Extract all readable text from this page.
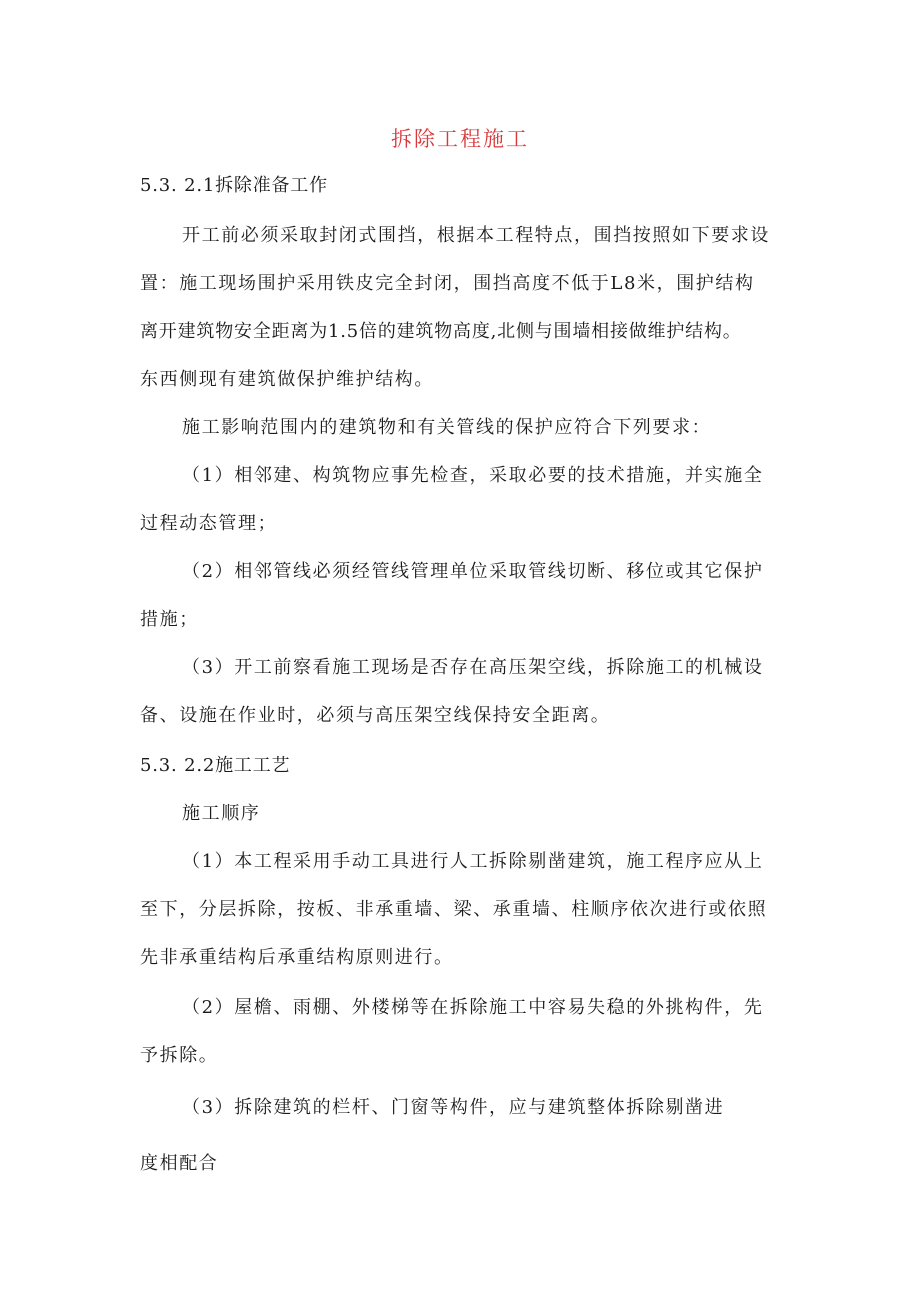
拆除工程施工
5.3. 2.1拆除准备工作
开工前必须采取封闭式围挡，根据本工程特点，围挡按照如下要求设
置：施工现场围护采用铁皮完全封闭，围挡高度不低于L8米，围护结构
离开建筑物安全距离为1.5倍的建筑物高度,北侧与围墙相接做维护结构。
东西侧现有建筑做保护维护结构。
施工影响范围内的建筑物和有关管线的保护应符合下列要求：
（1）相邻建、构筑物应事先检查，采取必要的技术措施，并实施全
过程动态管理；
（2）相邻管线必须经管线管理单位采取管线切断、移位或其它保护
措施；
（3）开工前察看施工现场是否存在高压架空线，拆除施工的机械设
备、设施在作业时，必须与高压架空线保持安全距离。
5.3. 2.2施工工艺
施工顺序
（1）本工程采用手动工具进行人工拆除剔凿建筑，施工程序应从上
至下，分层拆除，按板、非承重墙、梁、承重墙、柱顺序依次进行或依照
先非承重结构后承重结构原则进行。
（2）屋檐、雨棚、外楼梯等在拆除施工中容易失稳的外挑构件，先
予拆除。
（3）拆除建筑的栏杆、门窗等构件，应与建筑整体拆除剔凿进
度相配合
